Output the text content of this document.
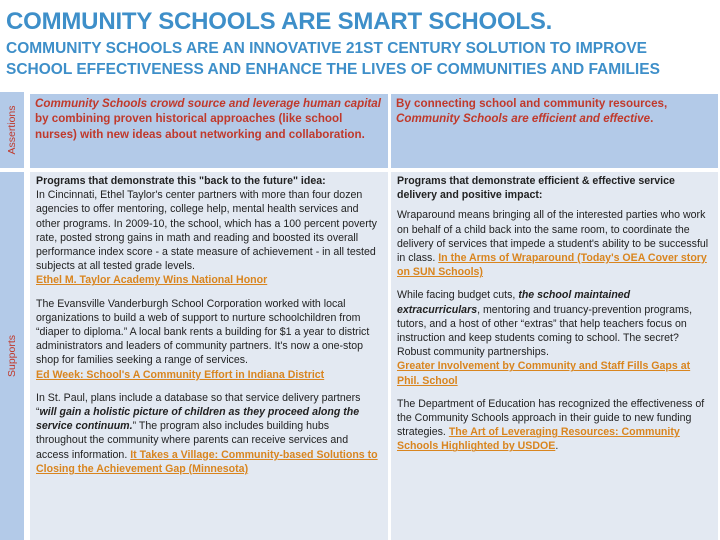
COMMUNITY SCHOOLS ARE SMART SCHOOLS.
COMMUNITY SCHOOLS ARE AN INNOVATIVE 21ST CENTURY SOLUTION TO IMPROVE
SCHOOL EFFECTIVENESS AND ENHANCE THE LIVES OF COMMUNITIES AND FAMILIES
Assertions
Supports
Community Schools crowd source and leverage human capital by combining proven historical approaches (like school nurses) with new ideas about networking and collaboration.
By connecting school and community resources, Community Schools are efficient and effective.
Programs that demonstrate this "back to the future" idea:

In Cincinnati, Ethel Taylor's center partners with more than four dozen agencies to offer mentoring, college help, mental health services and other programs. In 2009-10, the school, which has a 100 percent poverty rate, posted strong gains in math and reading and boosted its overall performance index score - a state measure of achievement - in all tested subjects at all tested grade levels.
Ethel M. Taylor Academy Wins National Honor

The Evansville Vanderburgh School Corporation worked with local organizations to build a web of support to nurture schoolchildren from “diaper to diploma.” A local bank rents a building for $1 a year to district administrators and leaders of community partners. It's now a one-stop shop for families seeking a range of services.
Ed Week: School's A Community Effort in Indiana District

In St. Paul, plans include a database so that service delivery partners “will gain a holistic picture of children as they proceed along the service continuum.” The program also includes building hubs throughout the community where parents can receive services and access information. It Takes a Village: Community-based Solutions to Closing the Achievement Gap (Minnesota)

Programs that demonstrate efficient & effective service delivery and positive impact:

Wraparound means bringing all of the interested parties who work on behalf of a child back into the same room, to coordinate the delivery of services that impede a student's ability to be successful in class. In the Arms of Wraparound (Today's OEA Cover story on SUN Schools)

While facing budget cuts, the school maintained extracurriculars, mentoring and truancy-prevention programs, tutors, and a host of other “extras” that help teachers focus on instruction and keep students coming to school. The secret? Robust community partnerships.
Greater Involvement by Community and Staff Fills Gaps at Phil. School

The Department of Education has recognized the effectiveness of the Community Schools approach in their guide to new funding strategies. The Art of Leveraging Resources: Community Schools Highlighted by USDOE.
